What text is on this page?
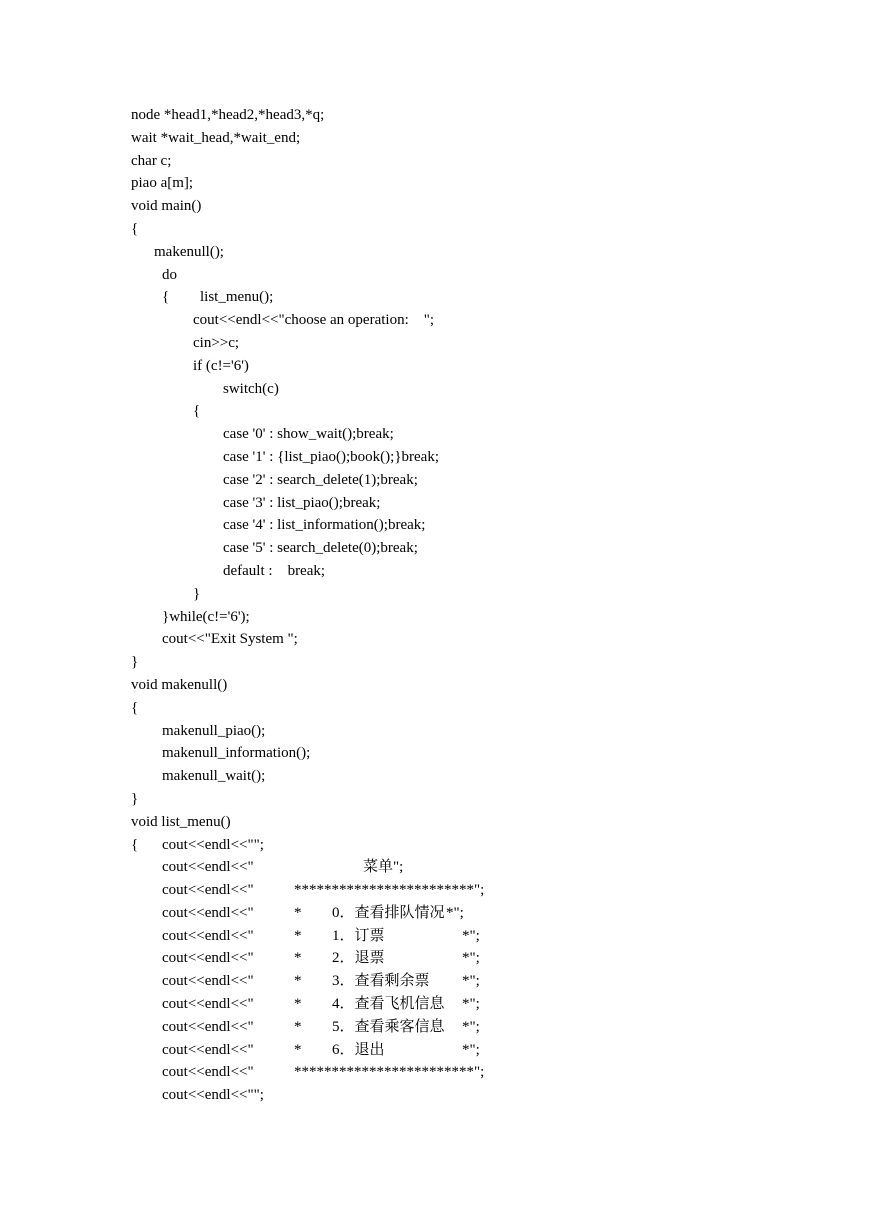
node *head1,*head2,*head3,*q;
wait *wait_head,*wait_end;
char c;
piao a[m];
void main()
{
makenull();
do
{ list_menu();
cout<<endl<<"choose an operation:    ";
cin>>c;
if (c!='6')
switch(c)
{
case '0' : show_wait();break;
case '1' : {list_piao();book();}break;
case '2' : search_delete(1);break;
case '3' : list_piao();break;
case '4' : list_information();break;
case '5' : search_delete(0);break;
default :    break;
}
}while(c!='6');
cout<<"Exit System ";
}
void makenull()
{
makenull_piao();
makenull_information();
makenull_wait();
}
void list_menu()
{ cout<<endl<<"";
cout<<endl<<"	菜单";
cout<<endl<<"	************************";
cout<<endl<<"	* 0．查看排队情况 *";
cout<<endl<<"	* 1．订票	*";
cout<<endl<<"	* 2．退票	*";
cout<<endl<<"	* 3．查看剩余票 *";
cout<<endl<<"	* 4．查看飞机信息 *";
cout<<endl<<"	* 5．查看乘客信息 *";
cout<<endl<<"	* 6．退出	*";
cout<<endl<<"	************************";
cout<<endl<<"";
